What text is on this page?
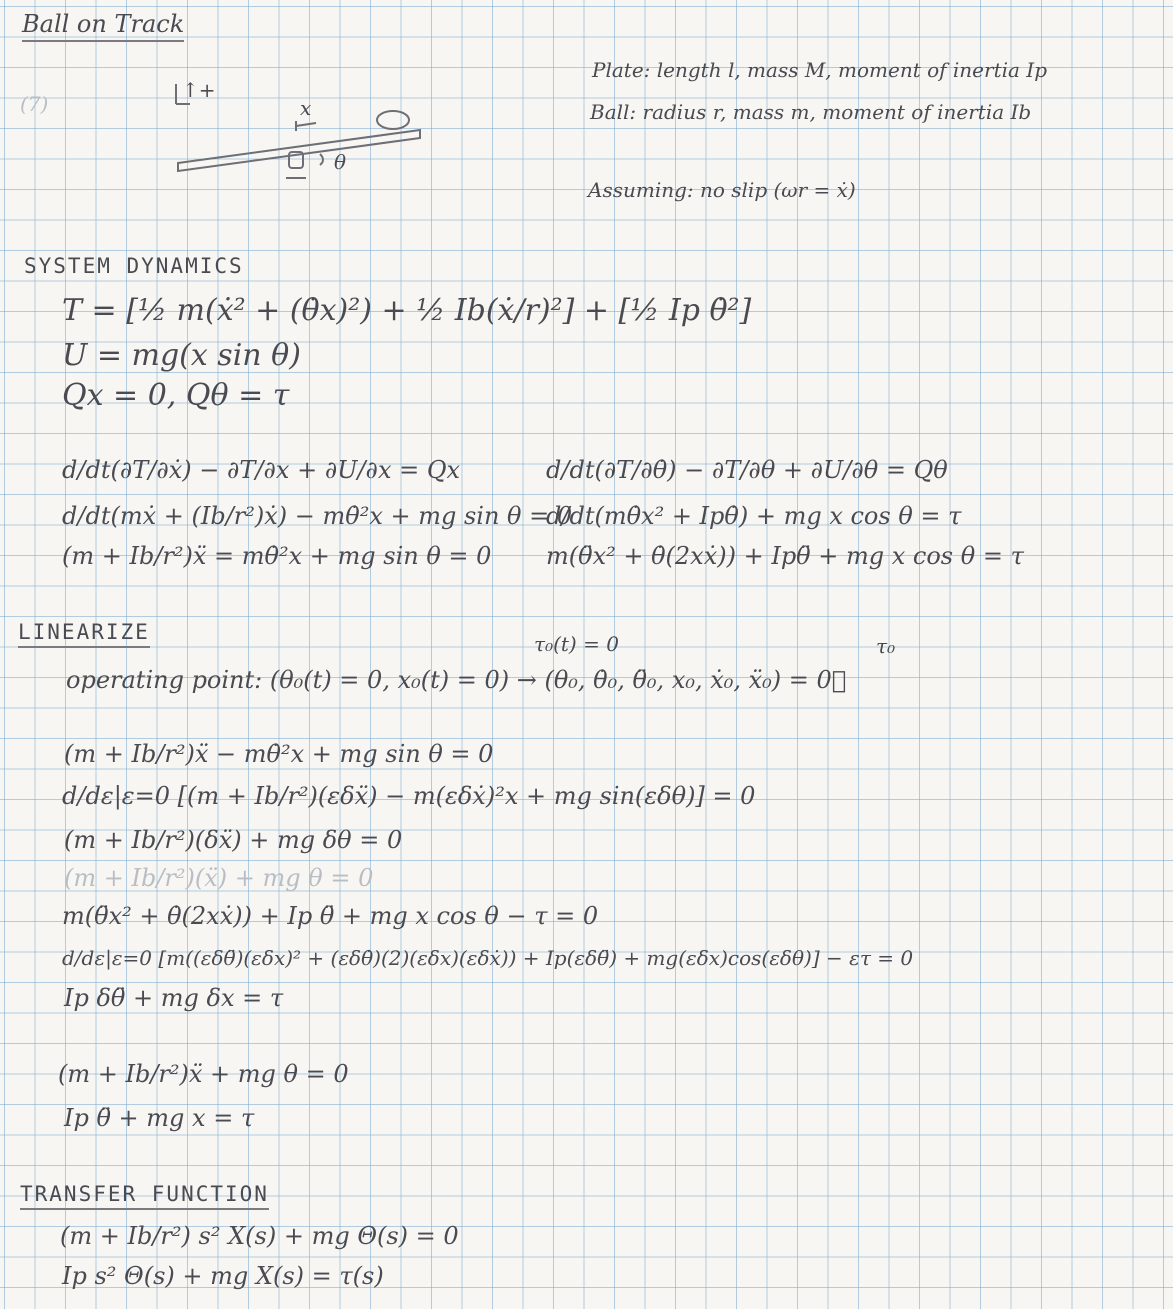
Ball on Track
(7)
Plate: length l, mass M, moment of inertia Ip
Ball: radius r, mass m, moment of inertia Ib
Assuming: no slip (ωr = ẋ)
x
θ
↑+
SYSTEM DYNAMICS
T = [½ m(ẋ² + (θ̇x)²) + ½ Ib(ẋ/r)²] + [½ Ip θ̇²]
U = mg(x sin θ)
Qx = 0, Qθ = τ
d/dt(∂T/∂ẋ) − ∂T/∂x + ∂U/∂x = Qx
d/dt(mẋ + (Ib/r²)ẋ) − mθ̇²x + mg sin θ = 0
(m + Ib/r²)ẍ = mθ̇²x + mg sin θ = 0
d/dt(∂T/∂θ̇) − ∂T/∂θ + ∂U/∂θ = Qθ
d/dt(mθ̇x² + Ipθ̇) + mg x cos θ = τ
m(θ̈x² + θ̇(2xẋ)) + Ipθ̈ + mg x cos θ = τ
LINEARIZE	τ₀(t) = 0	τ₀
operating point: (θ₀(t) = 0, x₀(t) = 0) → (θ₀, θ̇₀, θ̈₀, x₀, ẋ₀, ẍ₀) = 0⃗
(m + Ib/r²)ẍ − mθ̇²x + mg sin θ = 0
d/dε|ε=0 [(m + Ib/r²)(εδẍ) − m(εδẋ)²x + mg sin(εδθ)] = 0
(m + Ib/r²)(δẍ) + mg δθ = 0
(m + Ib/r²)(ẍ) + mg θ = 0
m(θ̈x² + θ̇(2xẋ)) + Ip θ̈ + mg x cos θ − τ = 0
d/dε|ε=0 [m((εδθ̈)(εδx)² + (εδθ̇)(2)(εδx)(εδẋ)) + Ip(εδθ̈) + mg(εδx)cos(εδθ)] − ετ = 0
Ip δθ̈ + mg δx = τ
(m + Ib/r²)ẍ + mg θ = 0
Ip θ̈ + mg x = τ
TRANSFER FUNCTION
(m + Ib/r²) s² X(s) + mg Θ(s) = 0
Ip s² Θ(s) + mg X(s) = τ(s)
